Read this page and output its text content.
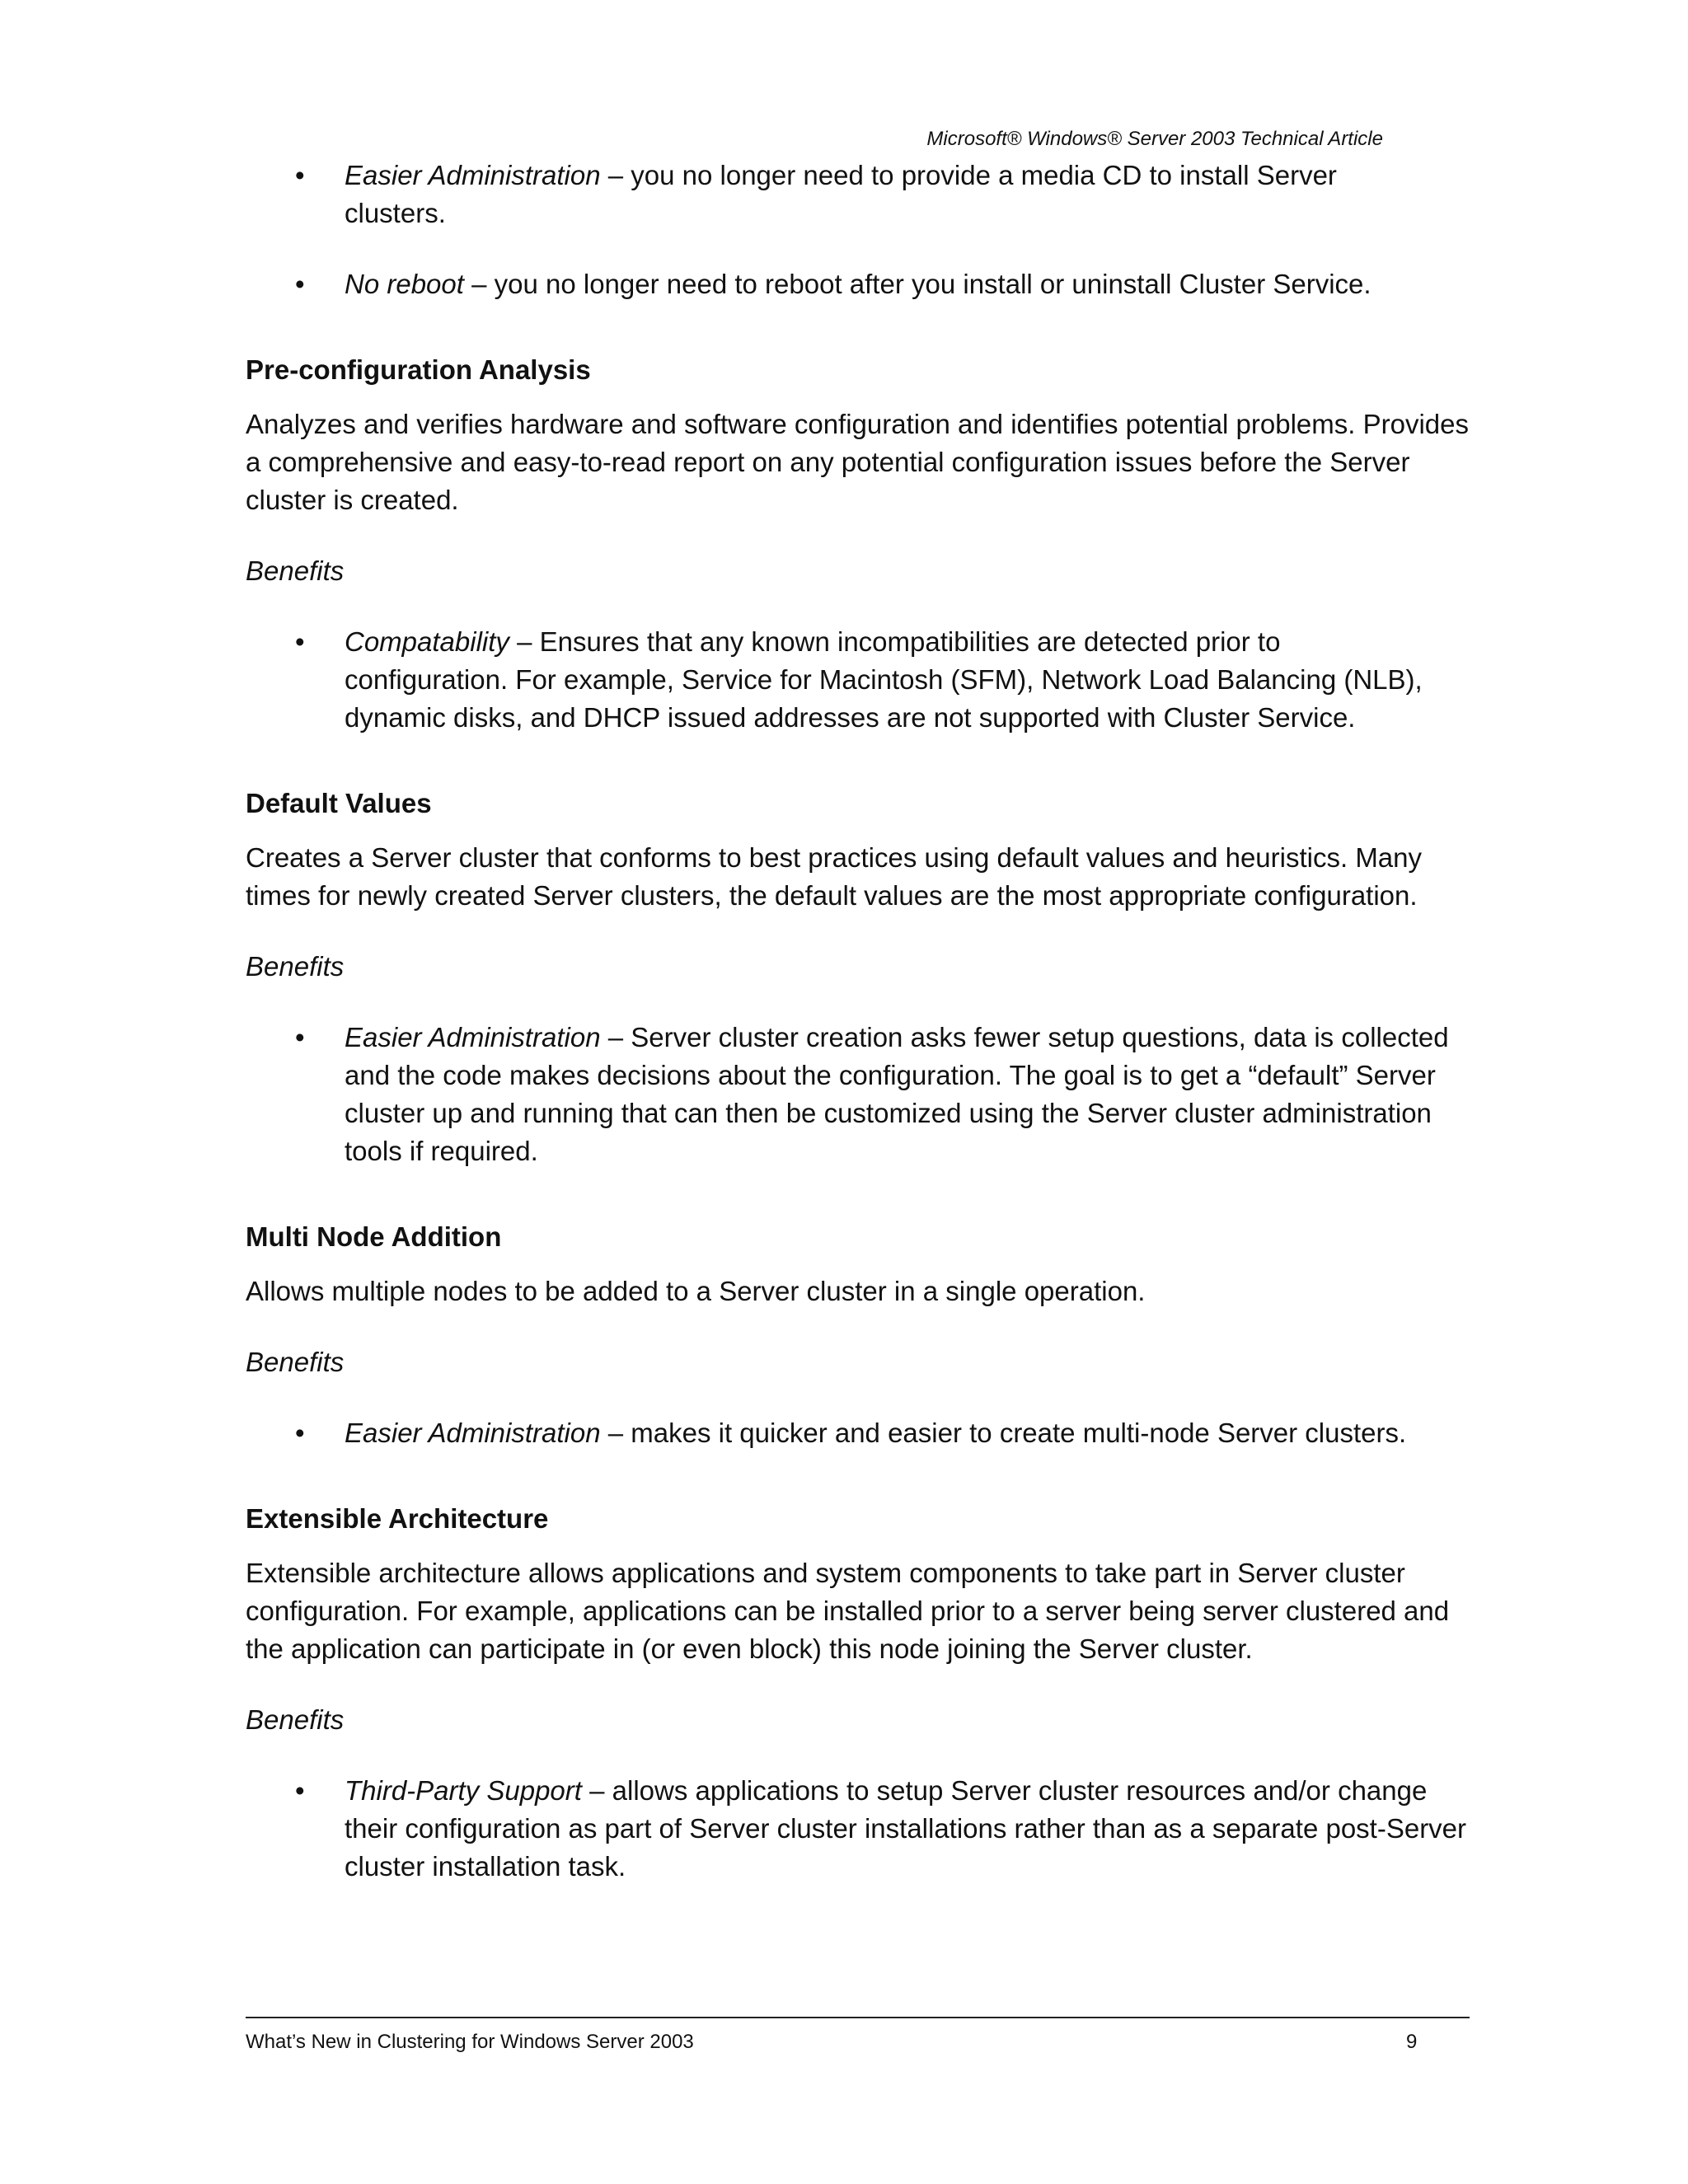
Microsoft® Windows® Server 2003 Technical Article

• Easier Administration – you no longer need to provide a media CD to install Server clusters.

• No reboot – you no longer need to reboot after you install or uninstall Cluster Service.

Pre-configuration Analysis

Analyzes and verifies hardware and software configuration and identifies potential problems. Provides a comprehensive and easy-to-read report on any potential configuration issues before the Server cluster is created.

Benefits

• Compatability – Ensures that any known incompatibilities are detected prior to configuration. For example, Service for Macintosh (SFM), Network Load Balancing (NLB), dynamic disks, and DHCP issued addresses are not supported with Cluster Service.

Default Values

Creates a Server cluster that conforms to best practices using default values and heuristics. Many times for newly created Server clusters, the default values are the most appropriate configuration.

Benefits

• Easier Administration – Server cluster creation asks fewer setup questions, data is collected and the code makes decisions about the configuration. The goal is to get a “default” Server cluster up and running that can then be customized using the Server cluster administration tools if required.

Multi Node Addition

Allows multiple nodes to be added to a Server cluster in a single operation.

Benefits

• Easier Administration – makes it quicker and easier to create multi-node Server clusters.

Extensible Architecture

Extensible architecture allows applications and system components to take part in Server cluster configuration. For example, applications can be installed prior to a server being server clustered and the application can participate in (or even block) this node joining the Server cluster.

Benefits

• Third-Party Support – allows applications to setup Server cluster resources and/or change their configuration as part of Server cluster installations rather than as a separate post-Server cluster installation task.

What’s New in Clustering for Windows Server 2003	9
